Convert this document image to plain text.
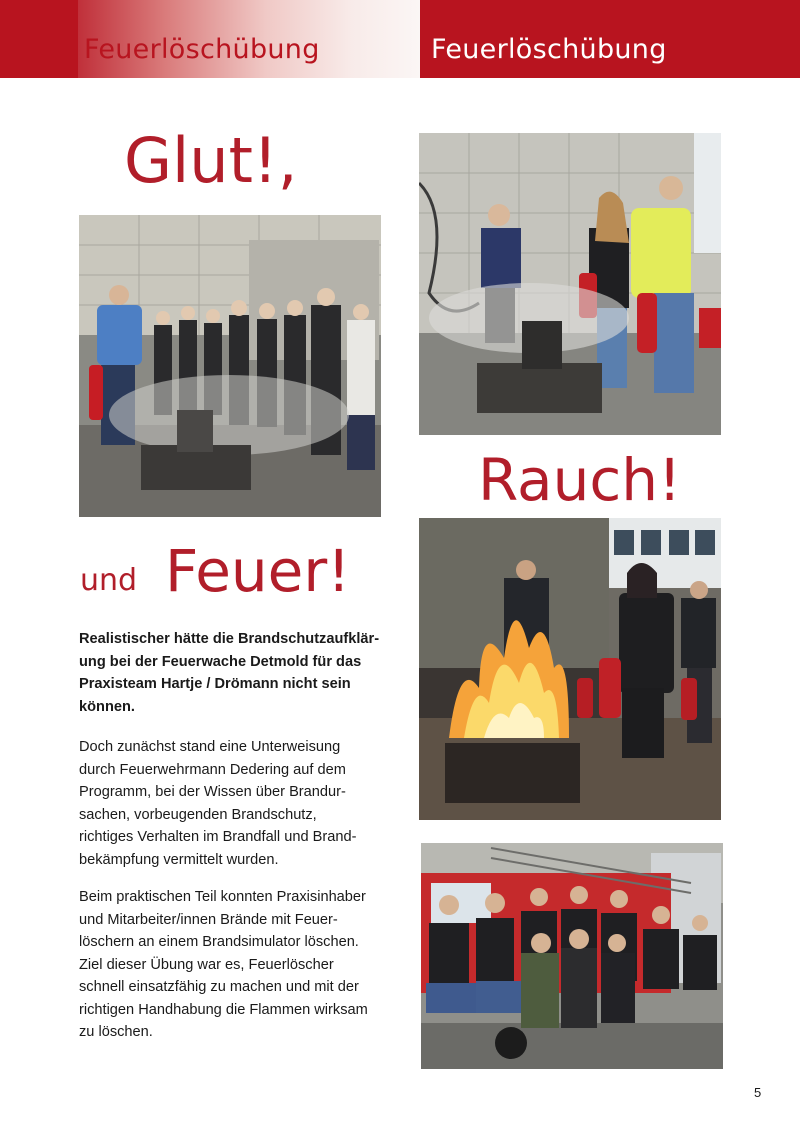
Feuerlöschübung	Feuerlöschübung
Glut!,
Rauch!
und Feuer!
Realistischer hätte die Brandschutzaufklär-
ung bei der Feuerwache Detmold für das
Praxisteam Hartje / Drömann nicht sein
können.
Doch zunächst stand eine Unterweisung
durch Feuerwehrmann Dedering auf dem
Programm, bei der Wissen über Brandur-
sachen, vorbeugenden Brandschutz,
richtiges Verhalten im Brandfall und Brand-
bekämpfung vermittelt wurden.
Beim praktischen Teil konnten Praxisinhaber
und Mitarbeiter/innen Brände mit Feuer-
löschern an einem Brandsimulator löschen.
Ziel dieser Übung war es, Feuerlöscher
schnell einsatzfähig zu machen und mit der
richtigen Handhabung die Flammen wirksam
zu löschen.
5
